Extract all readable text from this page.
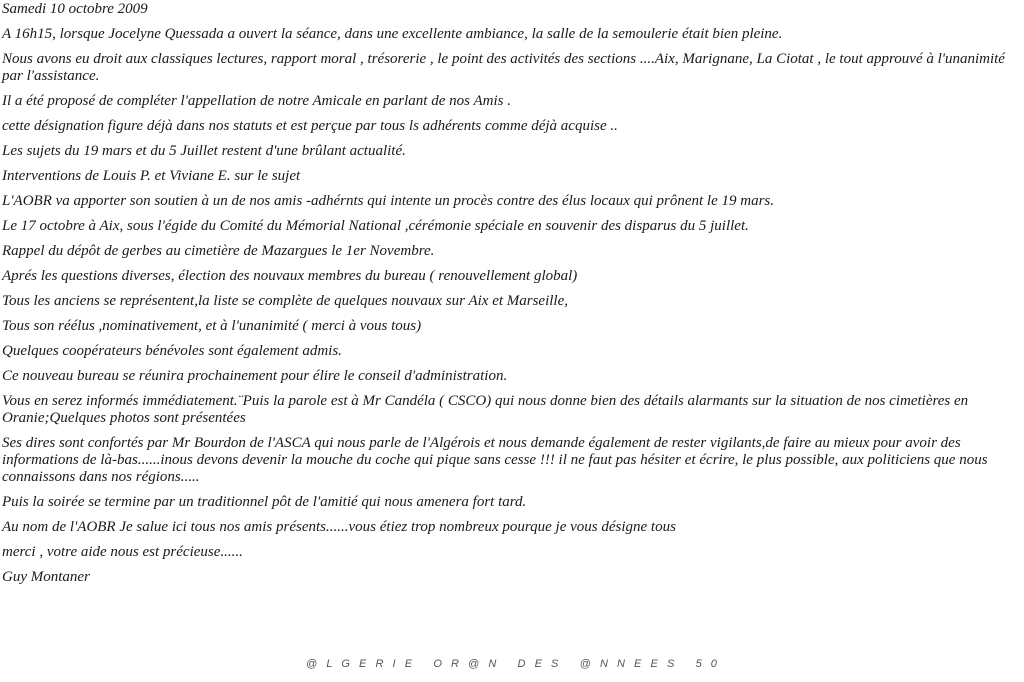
Samedi 10 octobre 2009

A 16h15, lorsque Jocelyne Quessada a ouvert la séance, dans une excellente ambiance, la salle de la semoulerie était bien pleine.

Nous avons eu droit aux classiques lectures, rapport moral , trésorerie , le point des activités des sections ....Aix, Marignane, La Ciotat , le tout approuvé à l'unanimité par l'assistance.

Il a été proposé de compléter l'appellation de notre Amicale en parlant de nos Amis .

cette désignation figure déjà dans nos statuts et est perçue par tous ls adhérents comme déjà acquise ..

Les sujets du 19 mars et du 5 Juillet restent d'une brûlant actualité.

Interventions de Louis P. et Viviane E. sur le sujet

L'AOBR va apporter son soutien à un de nos amis -adhérnts qui intente un procès contre des élus locaux qui prônent le 19 mars.

Le 17 octobre à Aix, sous l'égide du Comité du Mémorial National ,cérémonie spéciale en souvenir des disparus du 5 juillet.

Rappel du dépôt de gerbes au cimetière de Mazargues le 1er Novembre.

Aprés les questions diverses, élection des nouvaux membres du bureau ( renouvellement global)

Tous les anciens se représentent,la liste se complète de quelques nouvaux sur Aix et Marseille,

Tous son réélus ,nominativement, et à l'unanimité ( merci à vous tous)

Quelques coopérateurs bénévoles sont également admis.

Ce nouveau bureau se réunira prochainement pour élire le conseil d'administration.

Vous en serez informés immédiatement.¨Puis la parole est à Mr Candéla ( CSCO) qui nous donne bien des détails alarmants sur la situation de nos cimetières en Oranie;Quelques photos sont présentées

Ses dires sont confortés par Mr Bourdon de l'ASCA qui nous parle de l'Algérois et nous demande également de rester vigilants,de faire au mieux pour avoir des informations de là-bas......inous devons devenir la mouche du coche qui pique sans cesse !!! il ne faut pas hésiter et écrire, le plus possible, aux politiciens que nous connaissons dans nos régions.....

Puis la soirée se termine par un traditionnel pôt de l'amitié qui nous amenera fort tard.

Au nom de l'AOBR Je salue ici tous nos amis présents......vous étiez trop nombreux pourque je vous désigne tous

merci , votre aide nous est précieuse......

Guy Montaner

@  L  G  E  R  I  E     O  R  @  N     D  E  S     @  N  N  E  E  S     5  0
